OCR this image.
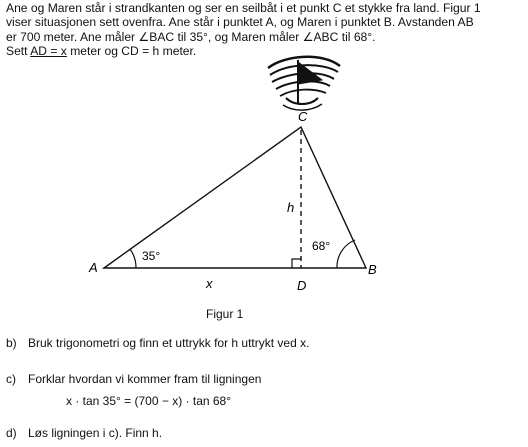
Ane og Maren står i strandkanten og ser en seilbåt i et punkt C et stykke fra land. Figur 1

viser situasjonen sett ovenfra. Ane står i punktet A, og Maren i punktet B. Avstanden AB

er 700 meter. Ane måler ∠BAC til 35°, og Maren måler ∠ABC til 68°.

Sett AD = x meter og CD = h meter.

A	B
C
D
h
x
35°
68°
Figur 1
b) Bruk trigonometri og finn et uttrykk for h uttrykt ved x.
c) Forklar hvordan vi kommer fram til ligningen
x · tan 35° = (700 − x) · tan 68°
d) Løs ligningen i c). Finn h.
